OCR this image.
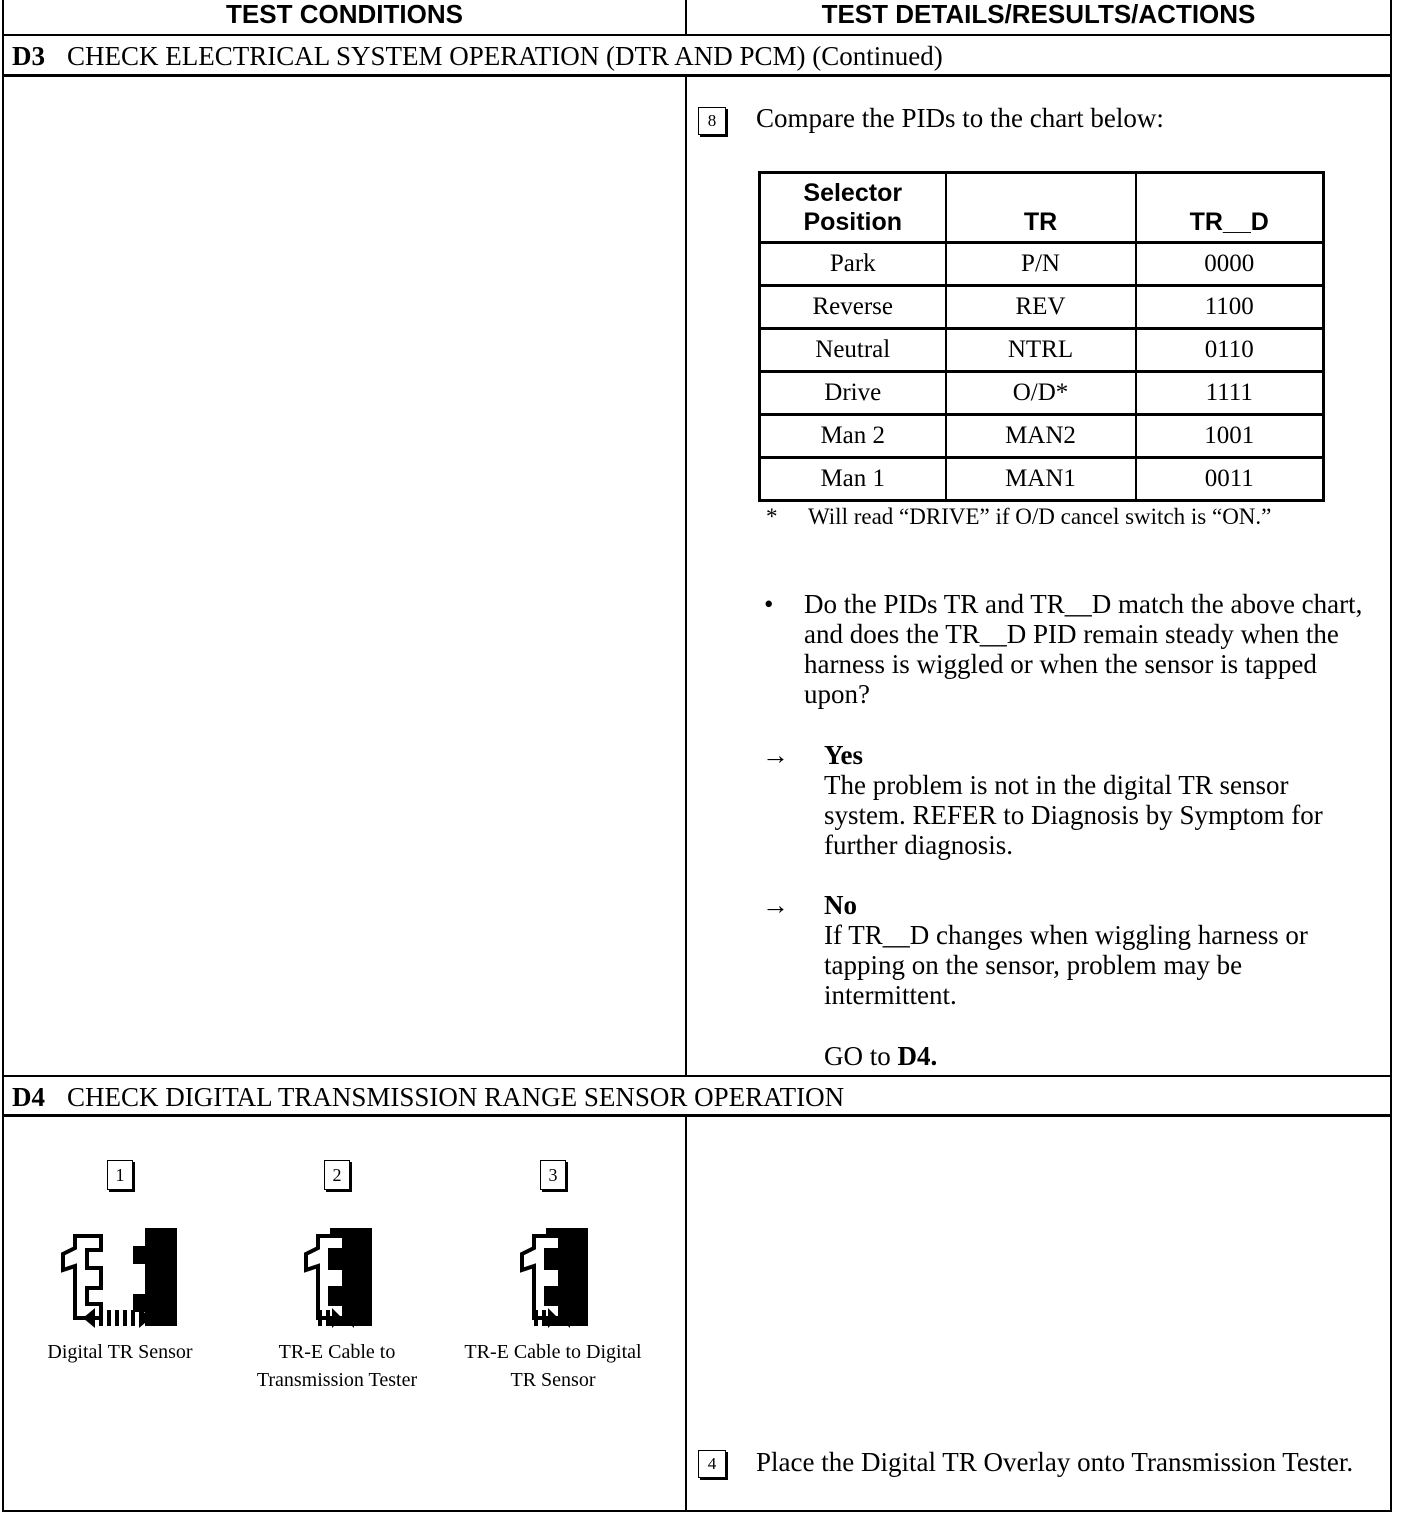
TEST CONDITIONS	TEST DETAILS/RESULTS/ACTIONS
D3 CHECK ELECTRICAL SYSTEM OPERATION (DTR AND PCM) (Continued)
8	Compare the PIDs to the chart below:
Selector Position	TR	TR__D
Park	P/N	0000
Reverse	REV	1100
Neutral	NTRL	0110
Drive	O/D*	1111
Man 2	MAN2	1001
Man 1	MAN1	0011
* Will read “DRIVE” if O/D cancel switch is “ON.”
• Do the PIDs TR and TR__D match the above chart, and does the TR__D PID remain steady when the harness is wiggled or when the sensor is tapped upon?
→ Yes
The problem is not in the digital TR sensor system. REFER to Diagnosis by Symptom for further diagnosis.
→ No
If TR__D changes when wiggling harness or tapping on the sensor, problem may be intermittent.
GO to D4.
D4 CHECK DIGITAL TRANSMISSION RANGE SENSOR OPERATION
1
Digital TR Sensor
2
TR-E Cable to Transmission Tester
3
TR-E Cable to Digital TR Sensor
4	Place the Digital TR Overlay onto Transmission Tester.
